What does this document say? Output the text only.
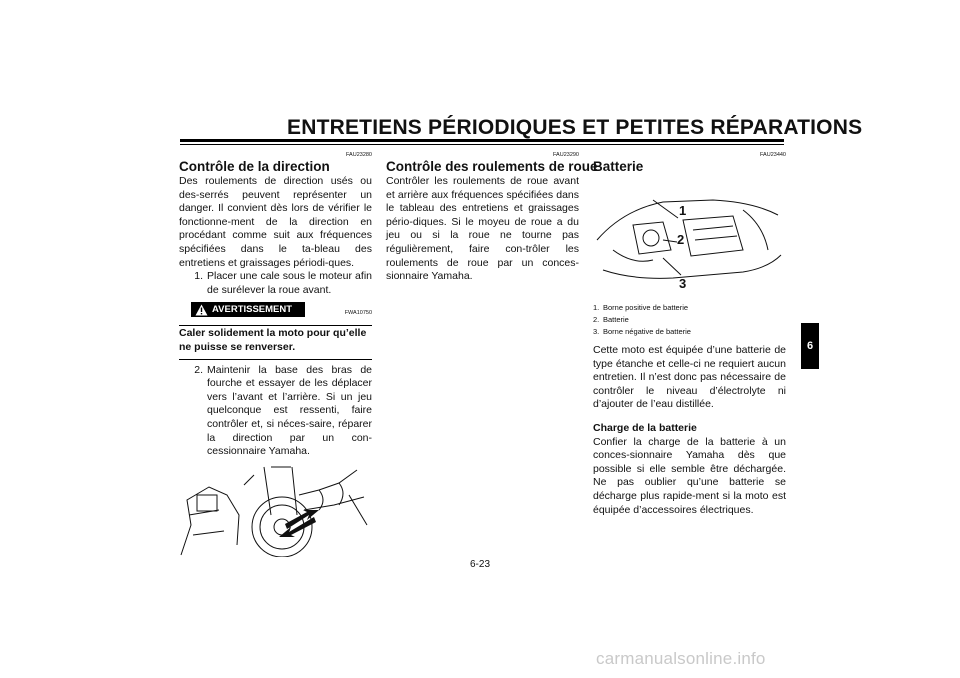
ENTRETIENS PÉRIODIQUES ET PETITES RÉPARATIONS
FAU23280
Contrôle de la direction
Des roulements de direction usés ou des-serrés peuvent représenter un danger. Il convient dès lors de vérifier le fonctionne-ment de la direction en procédant comme suit aux fréquences spécifiées dans le ta-bleau des entretiens et graissages périodi-ques.
1. Placer une cale sous le moteur afin de surélever la roue avant.
AVERTISSEMENT	FWA10750
Caler solidement la moto pour qu’elle ne puisse se renverser.
2. Maintenir la base des bras de fourche et essayer de les déplacer vers l’avant et l’arrière. Si un jeu quelconque est ressenti, faire contrôler et, si néces-saire, réparer la direction par un con-cessionnaire Yamaha.
FAU23290
Contrôle des roulements de roue
Contrôler les roulements de roue avant et arrière aux fréquences spécifiées dans le tableau des entretiens et graissages pério-diques. Si le moyeu de roue a du jeu ou si la roue ne tourne pas régulièrement, faire con-trôler les roulements de roue par un conces-sionnaire Yamaha.
FAU23440
Batterie
1
2
3
1. Borne positive de batterie
2. Batterie
3. Borne négative de batterie
Cette moto est équipée d’une batterie de type étanche et celle-ci ne requiert aucun entretien. Il n’est donc pas nécessaire de contrôler le niveau d’électrolyte ni d’ajouter de l’eau distillée.
Charge de la batterie
Confier la charge de la batterie à un conces-sionnaire Yamaha dès que possible si elle semble être déchargée. Ne pas oublier qu’une batterie se décharge plus rapide-ment si la moto est équipée d’accessoires électriques.
6
6-23
carmanualsonline.info
